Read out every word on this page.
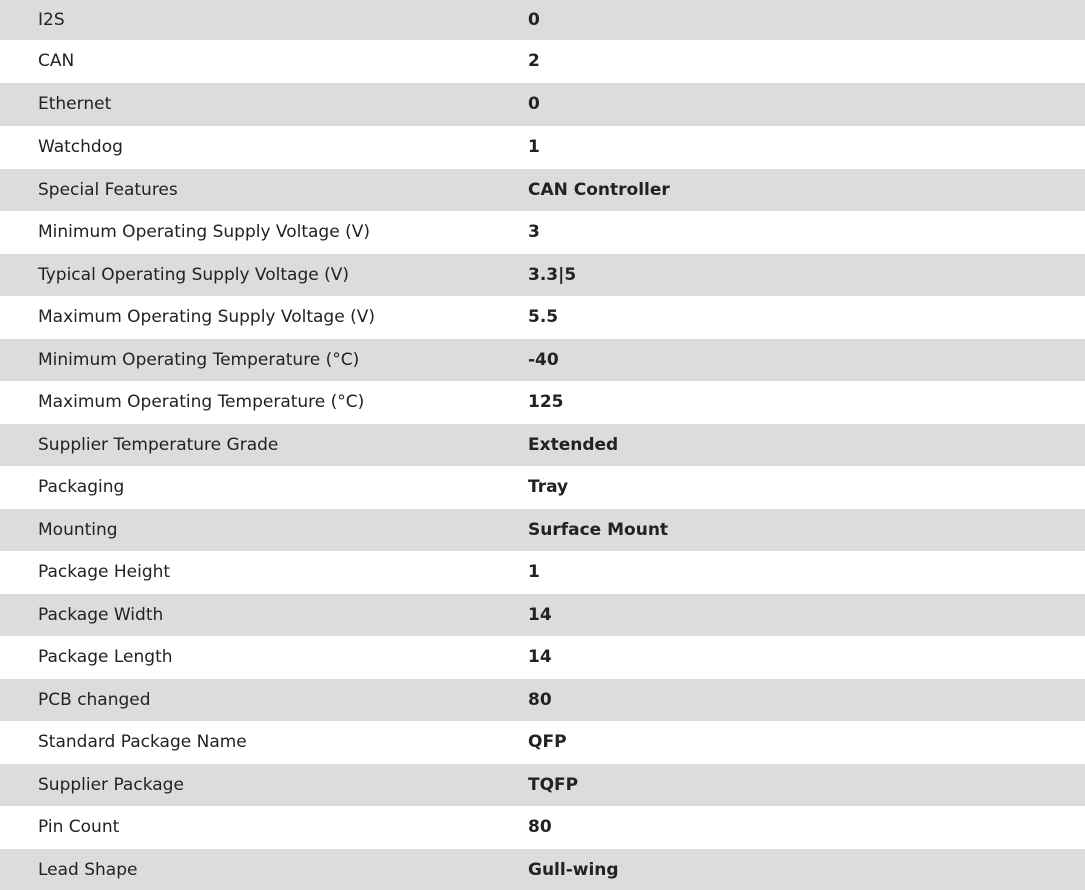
I2S	0
CAN	2
Ethernet	0
Watchdog	1
Special Features	CAN Controller
Minimum Operating Supply Voltage (V)	3
Typical Operating Supply Voltage (V)	3.3|5
Maximum Operating Supply Voltage (V)	5.5
Minimum Operating Temperature (°C)	-40
Maximum Operating Temperature (°C)	125
Supplier Temperature Grade	Extended
Packaging	Tray
Mounting	Surface Mount
Package Height	1
Package Width	14
Package Length	14
PCB changed	80
Standard Package Name	QFP
Supplier Package	TQFP
Pin Count	80
Lead Shape	Gull-wing
